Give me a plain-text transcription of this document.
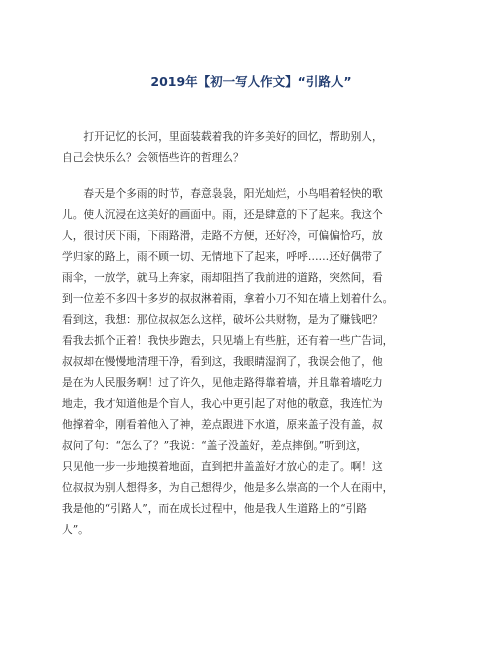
2019年【初一写人作文】“引路人”
　　打开记忆的长河，里面装载着我的许多美好的回忆，帮助别人，
自己会快乐么？会领悟些许的哲理么？
　　春天是个多雨的时节，春意袅袅，阳光灿烂，小鸟唱着轻快的歌
儿。使人沉浸在这美好的画面中。雨，还是肆意的下了起来。我这个
人，很讨厌下雨，下雨路滑，走路不方便，还好冷，可偏偏恰巧，放
学归家的路上，雨不顾一切、无情地下了起来，呼呼……还好偶带了
雨伞，一放学，就马上奔家，雨却阻挡了我前进的道路，突然间，看
到一位差不多四十多岁的叔叔淋着雨，拿着小刀不知在墙上划着什么。
看到这，我想：那位叔叔怎么这样，破坏公共财物，是为了赚钱吧？
看我去抓个正着！我快步跑去，只见墙上有些脏，还有着一些广告词，
叔叔却在慢慢地清理干净，看到这，我眼睛湿润了，我误会他了，他
是在为人民服务啊！过了许久，见他走路得靠着墙，并且靠着墙吃力
地走，我才知道他是个盲人，我心中更引起了对他的敬意，我连忙为
他撑着伞，刚看着他入了神，差点跟进下水道，原来盖子没有盖，叔
叔问了句：“怎么了？”我说：“盖子没盖好，差点摔倒。”听到这，
只见他一步一步地摸着地面，直到把井盖盖好才放心的走了。啊！这
位叔叔为别人想得多，为自己想得少，他是多么崇高的一个人在雨中，
我是他的“引路人”，而在成长过程中，他是我人生道路上的“引路
人”。
